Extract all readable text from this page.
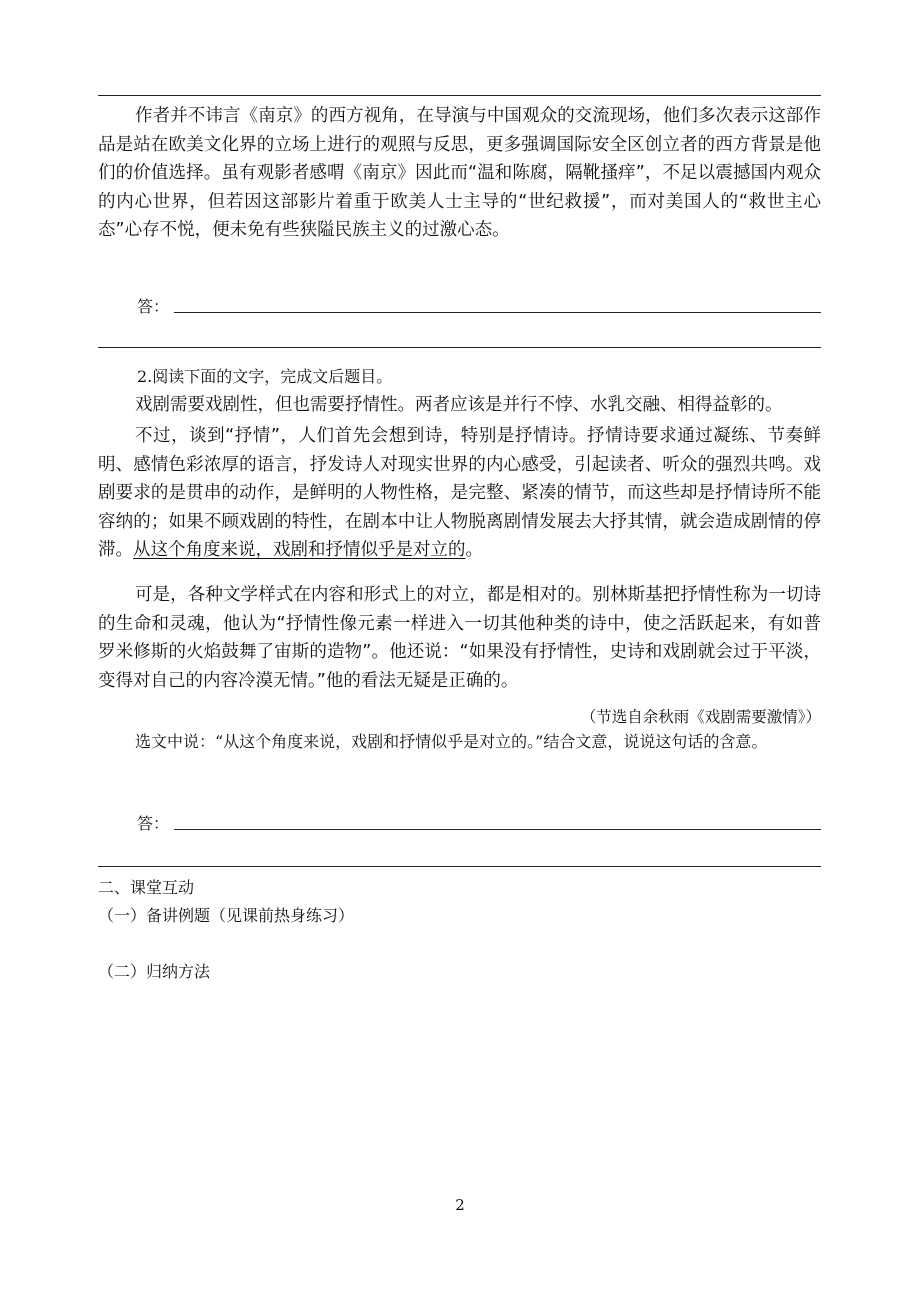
作者并不讳言《南京》的西方视角，在导演与中国观众的交流现场，他们多次表示这部作品是站在欧美文化界的立场上进行的观照与反思，更多强调国际安全区创立者的西方背景是他们的价值选择。虽有观影者感喟《南京》因此而“温和陈腐，隔靴搔痒”，不足以震撼国内观众的内心世界，但若因这部影片着重于欧美人士主导的“世纪救援”，而对美国人的“救世主心态”心存不悦，便未免有些狭隘民族主义的过激心态。

答：
2.阅读下面的文字，完成文后题目。

戏剧需要戏剧性，但也需要抒情性。两者应该是并行不悖、水乳交融、相得益彰的。

不过，谈到“抒情”，人们首先会想到诗，特别是抒情诗。抒情诗要求通过凝练、节奏鲜明、感情色彩浓厚的语言，抒发诗人对现实世界的内心感受，引起读者、听众的强烈共鸣。戏剧要求的是贯串的动作，是鲜明的人物性格，是完整、紧凑的情节，而这些却是抒情诗所不能容纳的；如果不顾戏剧的特性，在剧本中让人物脱离剧情发展去大抒其情，就会造成剧情的停滞。从这个角度来说，戏剧和抒情似乎是对立的。

可是，各种文学样式在内容和形式上的对立，都是相对的。别林斯基把抒情性称为一切诗的生命和灵魂，他认为“抒情性像元素一样进入一切其他种类的诗中，使之活跃起来，有如普罗米修斯的火焰鼓舞了宙斯的造物”。他还说：“如果没有抒情性，史诗和戏剧就会过于平淡，变得对自己的内容冷漠无情。”他的看法无疑是正确的。

（节选自余秋雨《戏剧需要激情》）

选文中说：“从这个角度来说，戏剧和抒情似乎是对立的。”结合文意，说说这句话的含意。

答：
二、课堂互动
（一）备讲例题（见课前热身练习）
（二）归纳方法
2
